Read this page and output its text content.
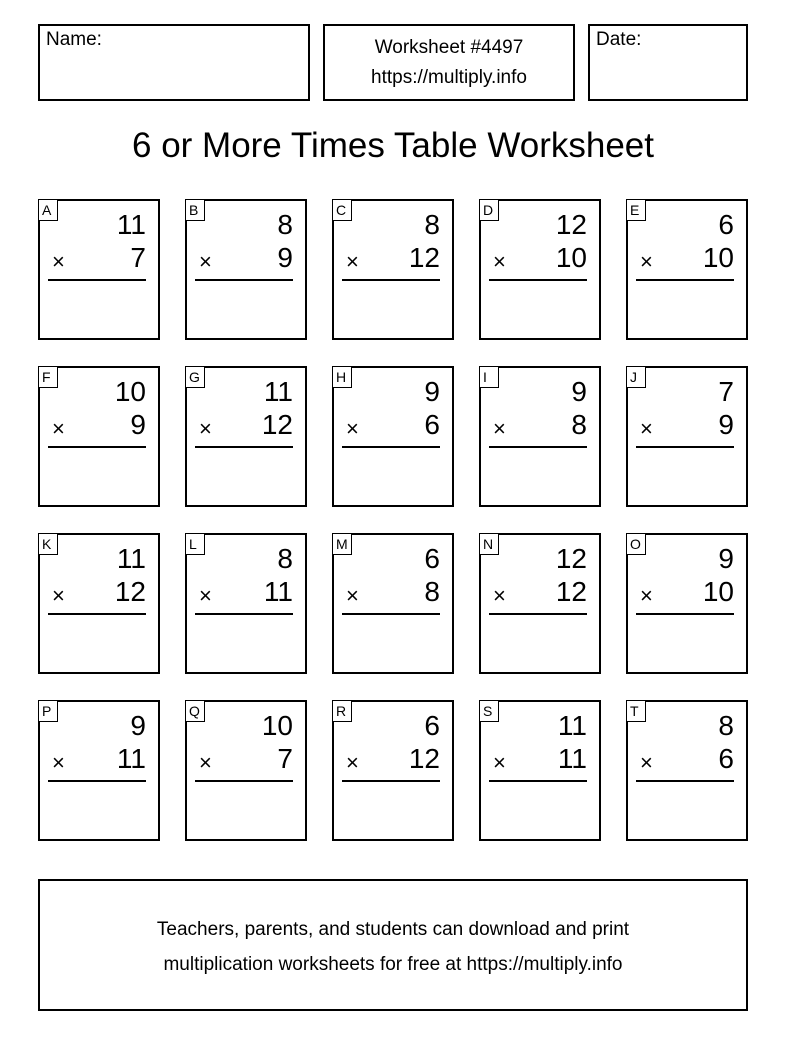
Name:	Worksheet #4497
https://multiply.info
Date:
6 or More Times Table Worksheet
A 11
× 7
B	8
× 9
C	8
× 12
D 12
× 10
E	6
× 10
F 10
× 9
G 11
× 12
H	9
× 6
I	9
× 8
J	7
× 9
K 11
× 12
L	8
× 11
M	6
× 8
N 12
× 12
O	9
× 10
P	9
× 11
Q 10
× 7
R	6
× 12
S 11
× 11
T	8
× 6
Teachers, parents, and students can download and print
multiplication worksheets for free at https://multiply.info
